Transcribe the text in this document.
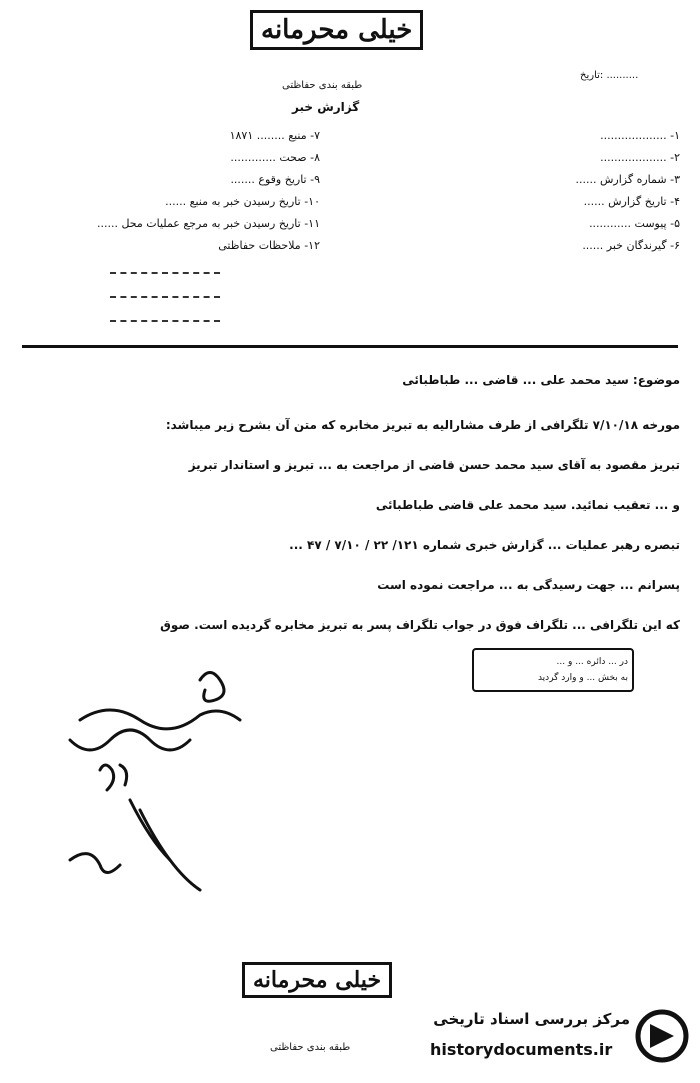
خیلی محرمانه
طبقه بندی حفاظتی
گزارش خبر
تاریخ: ..........
۱- ...................
۲- ...................
۳- شماره گزارش ......
۴- تاریخ گزارش ......
۵- پیوست ............
۶- گیرندگان خبر ......
۷- منبع ........ ۱۸۷۱
۸- صحت .............
۹- تاریخ وقوع .......
۱۰- تاریخ رسیدن خبر به منبع ......
۱۱- تاریخ رسیدن خبر به مرجع عملیات محل ......
۱۲- ملاحظات حفاظتی
موضوع: سید محمد علی ... قاضی ... طباطبائی
مورخه ۷/۱۰/۱۸ تلگرافی از طرف مشارالیه به تبریز مخابره که متن آن بشرح زیر میباشد:
تبریز مقصود به آقای سید محمد حسن قاضی از مراجعت به ... تبریز و استاندار تبریز
و ... تعقیب نمائید. سید محمد علی قاضی طباطبائی
تبصره رهبر عملیات ... گزارش خبری شماره ۱۲۱/ ۲۲ / ۷/۱۰ / ۴۷ ...
پسرانم ... جهت رسیدگی به ... مراجعت نموده است
که این تلگرافی ... تلگراف فوق در جواب تلگراف پسر به تبریز مخابره گردیده است. صوق
در ... دائره ... و ...
به بخش ... و وارد گردید
خیلی محرمانه
طبقه بندی حفاظتی
مرکز بررسی اسناد تاریخی
historydocuments.ir
